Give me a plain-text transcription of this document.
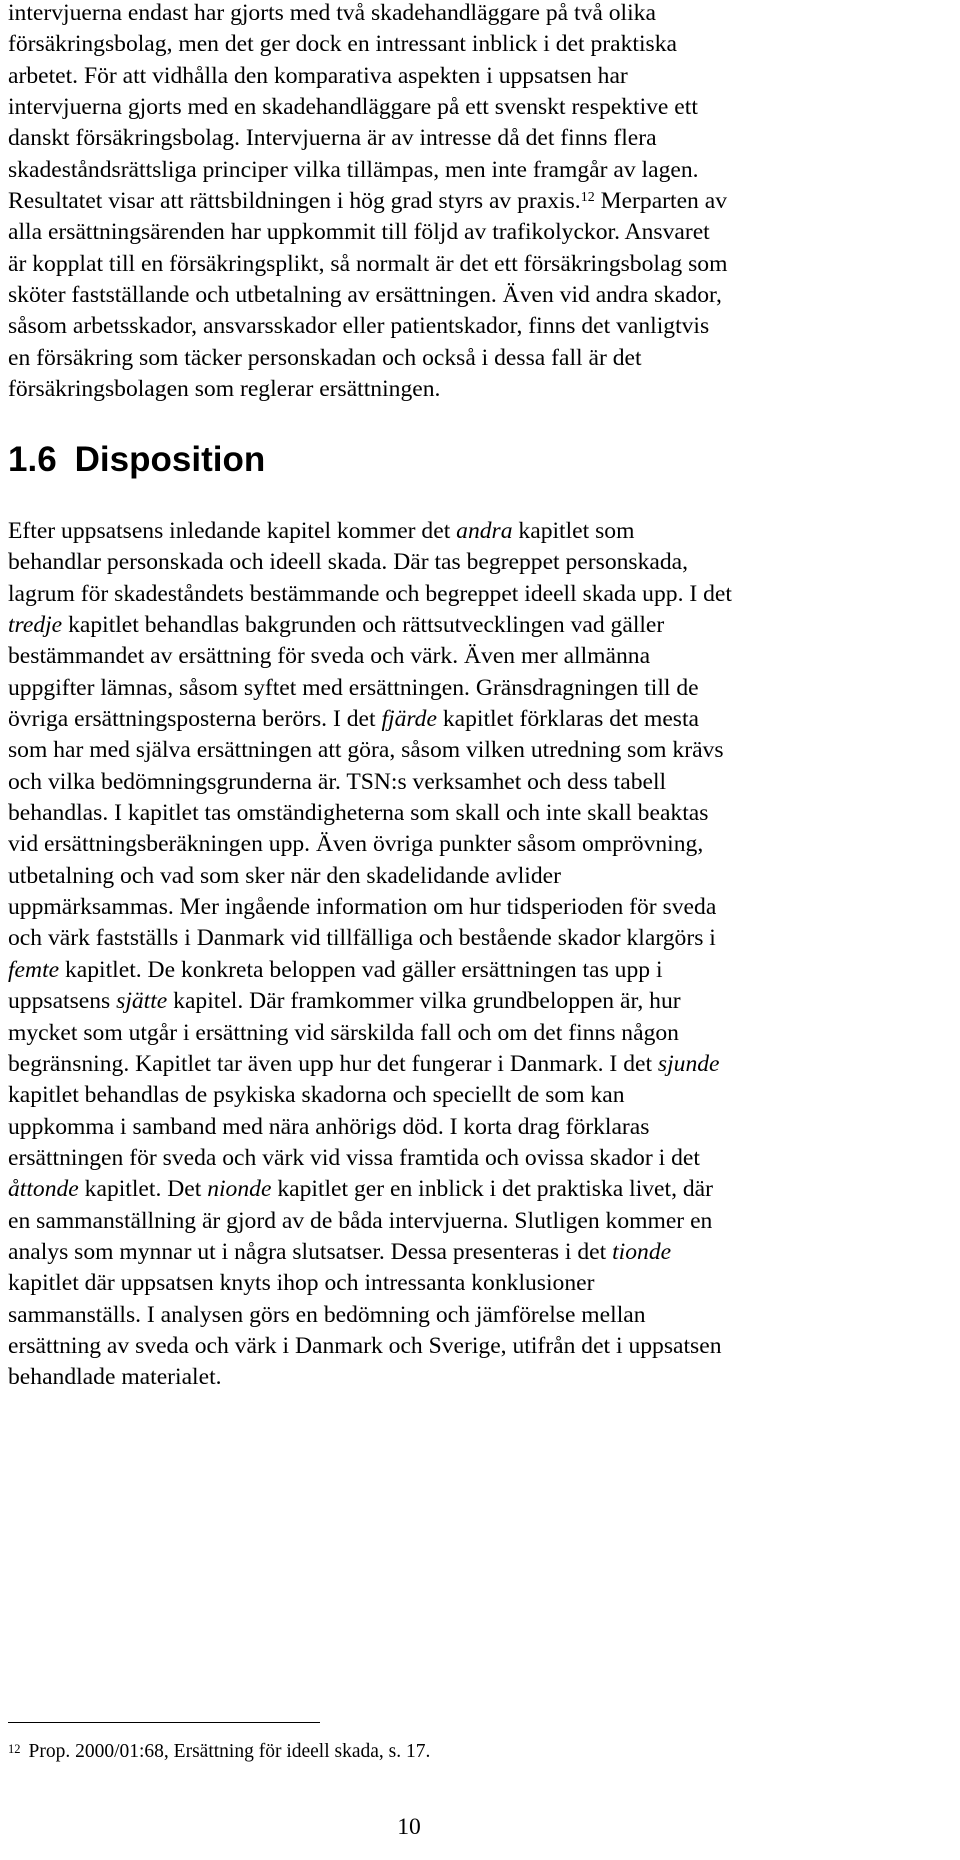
intervjuerna endast har gjorts med två skadehandläggare på två olika
försäkringsbolag, men det ger dock en intressant inblick i det praktiska
arbetet. För att vidhålla den komparativa aspekten i uppsatsen har
intervjuerna gjorts med en skadehandläggare på ett svenskt respektive ett
danskt försäkringsbolag. Intervjuerna är av intresse då det finns flera
skadeståndsrättsliga principer vilka tillämpas, men inte framgår av lagen.
Resultatet visar att rättsbildningen i hög grad styrs av praxis.$^{12}$ Merparten av
alla ersättningsärenden har uppkommit till följd av trafikolyckor. Ansvaret
är kopplat till en försäkringsplikt, så normalt är det ett försäkringsbolag som
sköter fastställande och utbetalning av ersättningen. Även vid andra skador,
såsom arbetsskador, ansvarsskador eller patientskador, finns det vanligtvis
en försäkring som täcker personskadan och också i dessa fall är det
försäkringsbolagen som reglerar ersättningen.

1.6 Disposition

Efter uppsatsens inledande kapitel kommer det andra kapitlet som
behandlar personskada och ideell skada. Där tas begreppet personskada,
lagrum för skadeståndets bestämmande och begreppet ideell skada upp. I det
tredje kapitlet behandlas bakgrunden och rättsutvecklingen vad gäller
bestämmandet av ersättning för sveda och värk. Även mer allmänna
uppgifter lämnas, såsom syftet med ersättningen. Gränsdragningen till de
övriga ersättningsposterna berörs. I det fjärde kapitlet förklaras det mesta
som har med själva ersättningen att göra, såsom vilken utredning som krävs
och vilka bedömningsgrunderna är. TSN:s verksamhet och dess tabell
behandlas. I kapitlet tas omständigheterna som skall och inte skall beaktas
vid ersättningsberäkningen upp. Även övriga punkter såsom omprövning,
utbetalning och vad som sker när den skadelidande avlider
uppmärksammas. Mer ingående information om hur tidsperioden för sveda
och värk fastställs i Danmark vid tillfälliga och bestående skador klargörs i
femte kapitlet. De konkreta beloppen vad gäller ersättningen tas upp i
uppsatsens sjätte kapitel. Där framkommer vilka grundbeloppen är, hur
mycket som utgår i ersättning vid särskilda fall och om det finns någon
begränsning. Kapitlet tar även upp hur det fungerar i Danmark. I det sjunde
kapitlet behandlas de psykiska skadorna och speciellt de som kan
uppkomma i samband med nära anhörigs död. I korta drag förklaras
ersättningen för sveda och värk vid vissa framtida och ovissa skador i det
åttonde kapitlet. Det nionde kapitlet ger en inblick i det praktiska livet, där
en sammanställning är gjord av de båda intervjuerna. Slutligen kommer en
analys som mynnar ut i några slutsatser. Dessa presenteras i det tionde
kapitlet där uppsatsen knyts ihop och intressanta konklusioner
sammanställs. I analysen görs en bedömning och jämförelse mellan
ersättning av sveda och värk i Danmark och Sverige, utifrån det i uppsatsen
behandlade materialet.

$^{12}$ Prop. 2000/01:68, Ersättning för ideell skada, s. 17.

10
